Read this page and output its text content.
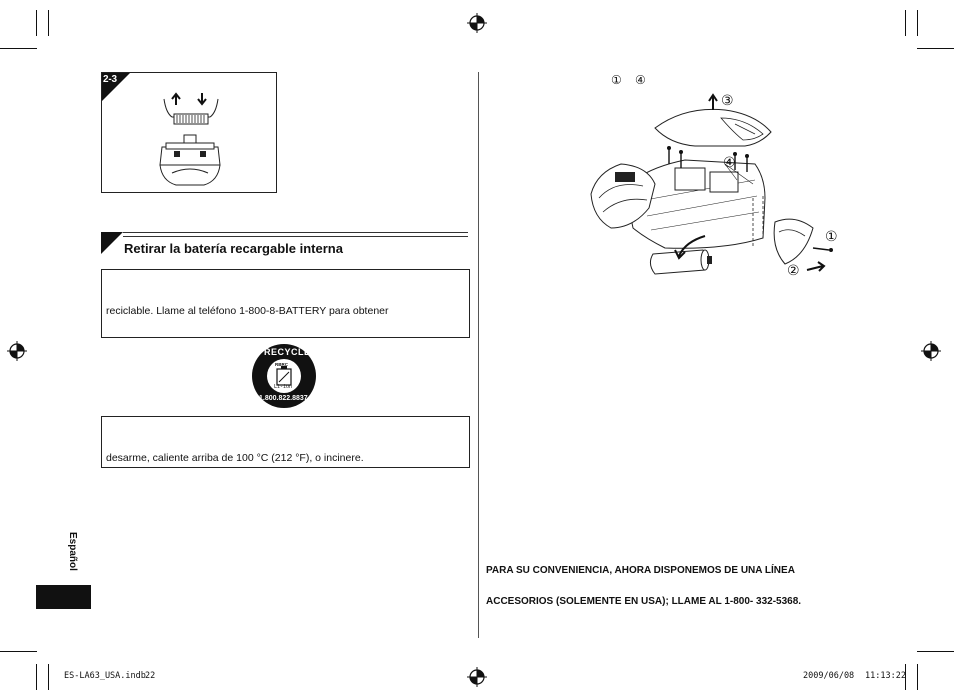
2-3
Retirar la batería recargable interna
reciclable. Llame al teléfono 1-800-8-BATTERY para obtener
RECYCLE
RBRC
Li-ion
1.800.822.8837
desarme, caliente arriba de 100 °C (212 °F), o incinere.
① ④
③
④
①
②
Español	PARA SU CONVENIENCIA, AHORA DISPONEMOS DE UNA LÍNEA
ACCESORIOS (SOLEMENTE EN USA); LLAME AL 1-800- 332-5368.
ES-LA63_USA.indb 22	2009/06/08 11:13:22
